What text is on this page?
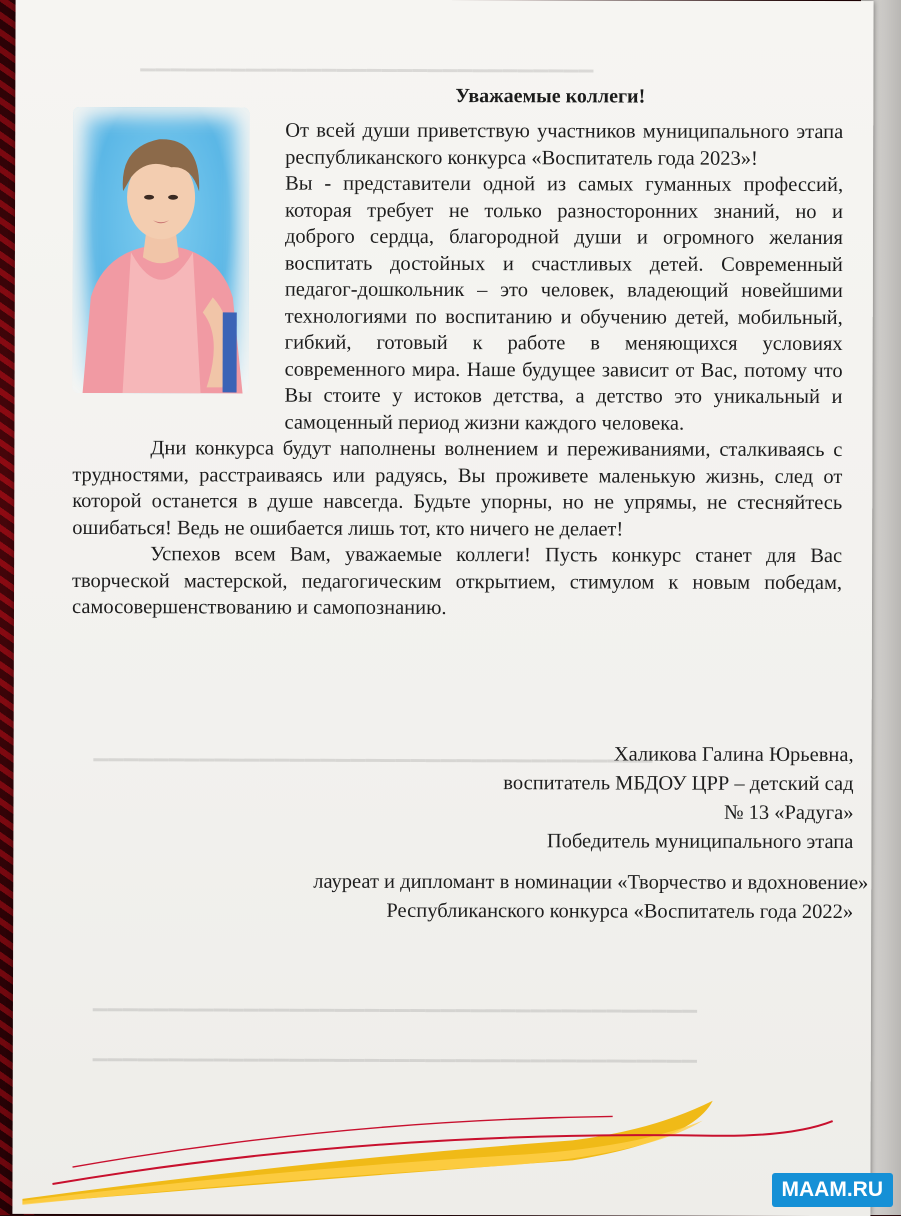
▔▔▔▔▔▔▔▔▔▔▔▔▔▔▔▔▔▔▔▔▔▔▔▔▔▔▔▔▔▔
▔▔▔▔▔▔▔▔▔▔▔▔▔▔▔▔▔▔▔▔▔▔▔▔▔▔▔▔▔▔▔▔▔▔▔▔▔
▔▔▔▔▔▔▔▔▔▔▔▔▔▔▔▔▔▔▔▔▔▔▔▔▔▔▔▔▔▔▔▔▔▔▔▔▔▔▔▔
▔▔▔▔▔▔▔▔▔▔▔▔▔▔▔▔▔▔▔▔▔▔▔▔▔▔▔▔▔▔▔▔▔▔▔▔▔▔▔▔
Уважаемые коллеги!

От всей души приветствую участников муниципального этапа республиканского конкурса «Воспитатель года 2023»!

Вы - представители одной из самых гуманных профессий, которая требует не только разносторонних знаний, но и доброго сердца, благородной души и огромного желания воспитать достойных и счастливых детей. Современный педагог-дошкольник – это человек, владеющий новейшими технологиями по воспитанию и обучению детей, мобильный, гибкий, готовый к работе в меняющихся условиях современного мира. Наше будущее зависит от Вас, потому что Вы стоите у истоков детства, а детство это уникальный и самоценный период жизни каждого человека.

Дни конкурса будут наполнены волнением и переживаниями, сталкиваясь с трудностями, расстраиваясь или радуясь, Вы проживете маленькую жизнь, след от которой останется в душе навсегда. Будьте упорны, но не упрямы, не стесняйтесь ошибаться! Ведь не ошибается лишь тот, кто ничего не делает!

Успехов всем Вам, уважаемые коллеги! Пусть конкурс станет для Вас творческой мастерской, педагогическим открытием, стимулом к новым победам, самосовершенствованию и самопознанию.

Халикова Галина Юрьевна,
воспитатель МБДОУ ЦРР – детский сад
№ 13 «Радуга»
Победитель муниципального этапа
лауреат и дипломант в номинации «Творчество и вдохновение»
Республиканского конкурса «Воспитатель года 2022»
MAAM.RU
